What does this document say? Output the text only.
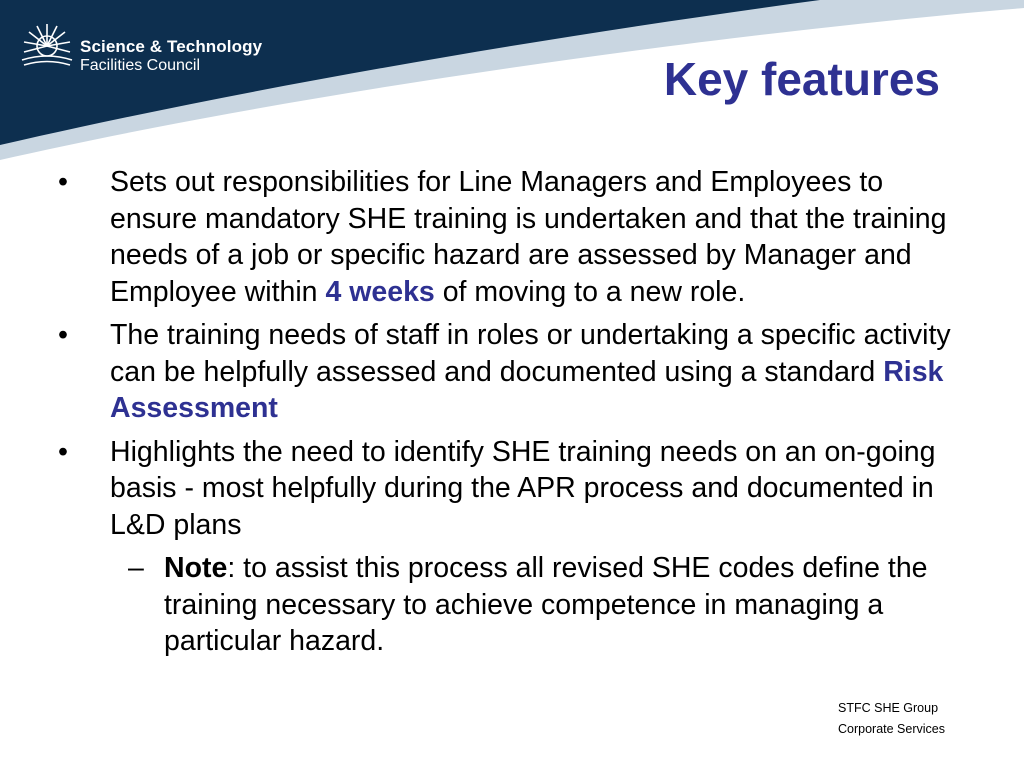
Science & Technology
Facilities Council	Key features
• Sets out responsibilities for Line Managers and Employees to ensure mandatory SHE training is undertaken and that the training needs of a job or specific hazard are assessed by Manager and Employee within 4 weeks of moving to a new role.
• The training needs of staff in roles or undertaking a specific activity can be helpfully assessed and documented using a standard Risk Assessment
• Highlights the need to identify SHE training needs on an on-going basis - most helpfully during the APR process and documented in L&D plans
– Note: to assist this process all revised SHE codes define the training necessary to achieve competence in managing a particular hazard.
STFC SHE Group
Corporate Services
